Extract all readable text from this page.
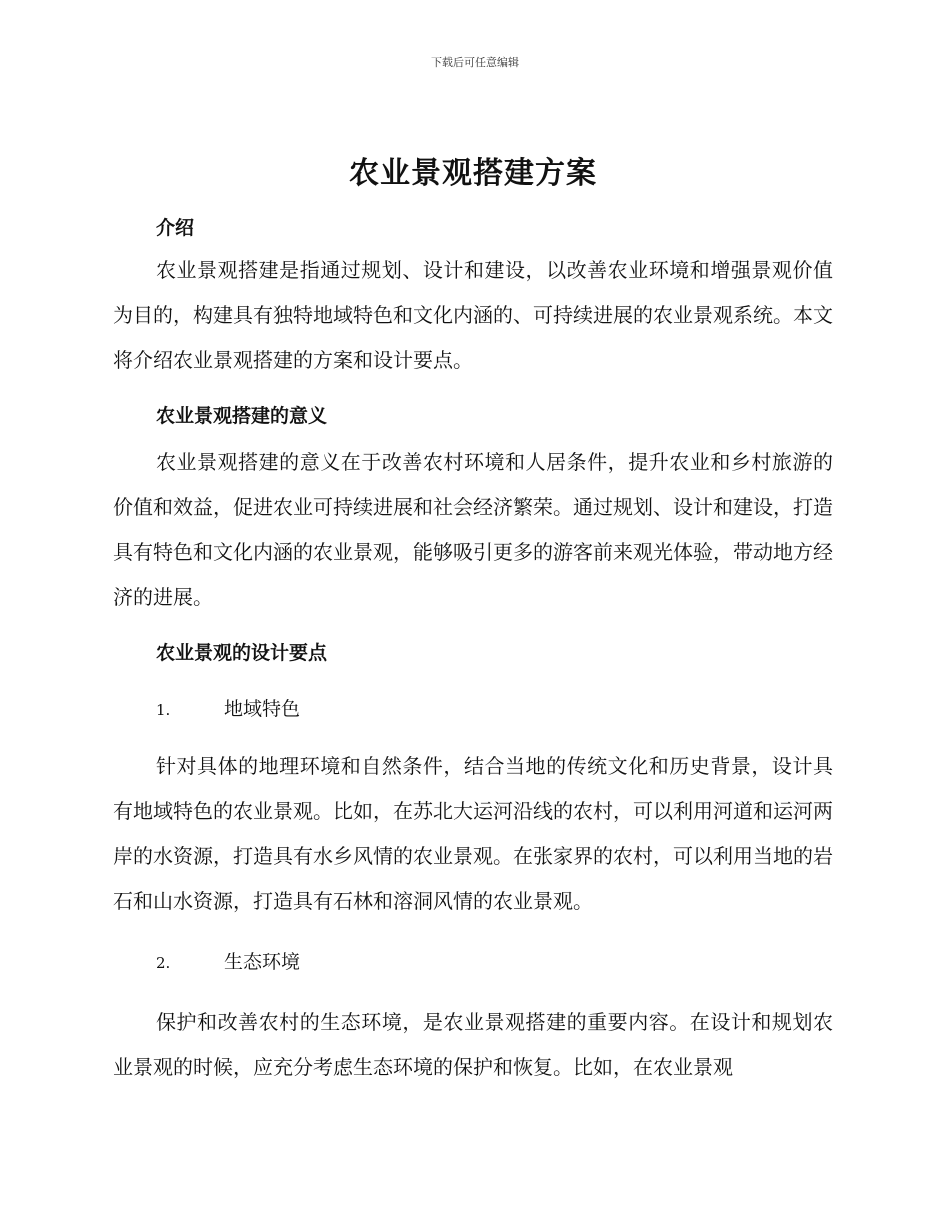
下载后可任意编辑
农业景观搭建方案
介绍

农业景观搭建是指通过规划、设计和建设，以改善农业环境和增强景观价值为目的，构建具有独特地域特色和文化内涵的、可持续进展的农业景观系统。本文将介绍农业景观搭建的方案和设计要点。

农业景观搭建的意义

农业景观搭建的意义在于改善农村环境和人居条件，提升农业和乡村旅游的价值和效益，促进农业可持续进展和社会经济繁荣。通过规划、设计和建设，打造具有特色和文化内涵的农业景观，能够吸引更多的游客前来观光体验，带动地方经济的进展。

农业景观的设计要点
1.	地域特色

针对具体的地理环境和自然条件，结合当地的传统文化和历史背景，设计具有地域特色的农业景观。比如，在苏北大运河沿线的农村，可以利用河道和运河两岸的水资源，打造具有水乡风情的农业景观。在张家界的农村，可以利用当地的岩石和山水资源，打造具有石林和溶洞风情的农业景观。

2.	生态环境

保护和改善农村的生态环境，是农业景观搭建的重要内容。在设计和规划农业景观的时候，应充分考虑生态环境的保护和恢复。比如，在农业景观
